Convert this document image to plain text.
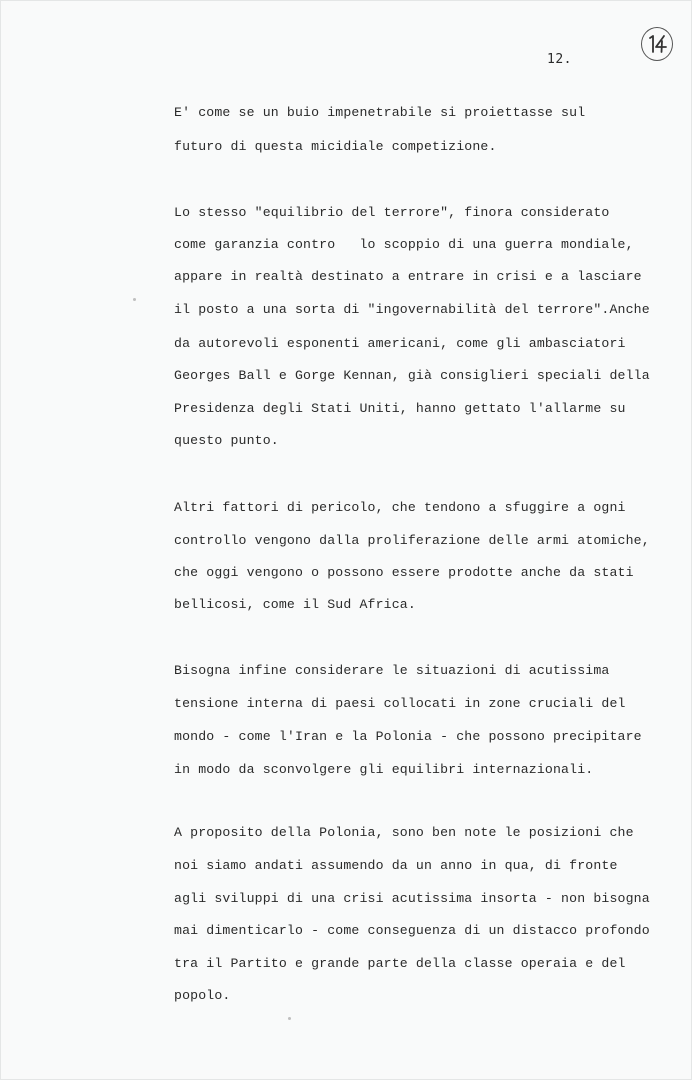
12.

E' come se un buio impenetrabile si proiettasse sul

futuro di questa micidiale competizione.

Lo stesso "equilibrio del terrore", finora considerato

come garanzia contro   lo scoppio di una guerra mondiale,

appare in realtà destinato a entrare in crisi e a lasciare

il posto a una sorta di "ingovernabilità del terrore".Anche

da autorevoli esponenti americani, come gli ambasciatori

Georges Ball e Gorge Kennan, già consiglieri speciali della

Presidenza degli Stati Uniti, hanno gettato l'allarme su

questo punto.

Altri fattori di pericolo, che tendono a sfuggire a ogni

controllo vengono dalla proliferazione delle armi atomiche,

che oggi vengono o possono essere prodotte anche da stati

bellicosi, come il Sud Africa.

Bisogna infine considerare le situazioni di acutissima

tensione interna di paesi collocati in zone cruciali del

mondo - come l'Iran e la Polonia - che possono precipitare

in modo da sconvolgere gli equilibri internazionali.

A proposito della Polonia, sono ben note le posizioni che

noi siamo andati assumendo da un anno in qua, di fronte

agli sviluppi di una crisi acutissima insorta - non bisogna

mai dimenticarlo - come conseguenza di un distacco profondo

tra il Partito e grande parte della classe operaia e del

popolo.
